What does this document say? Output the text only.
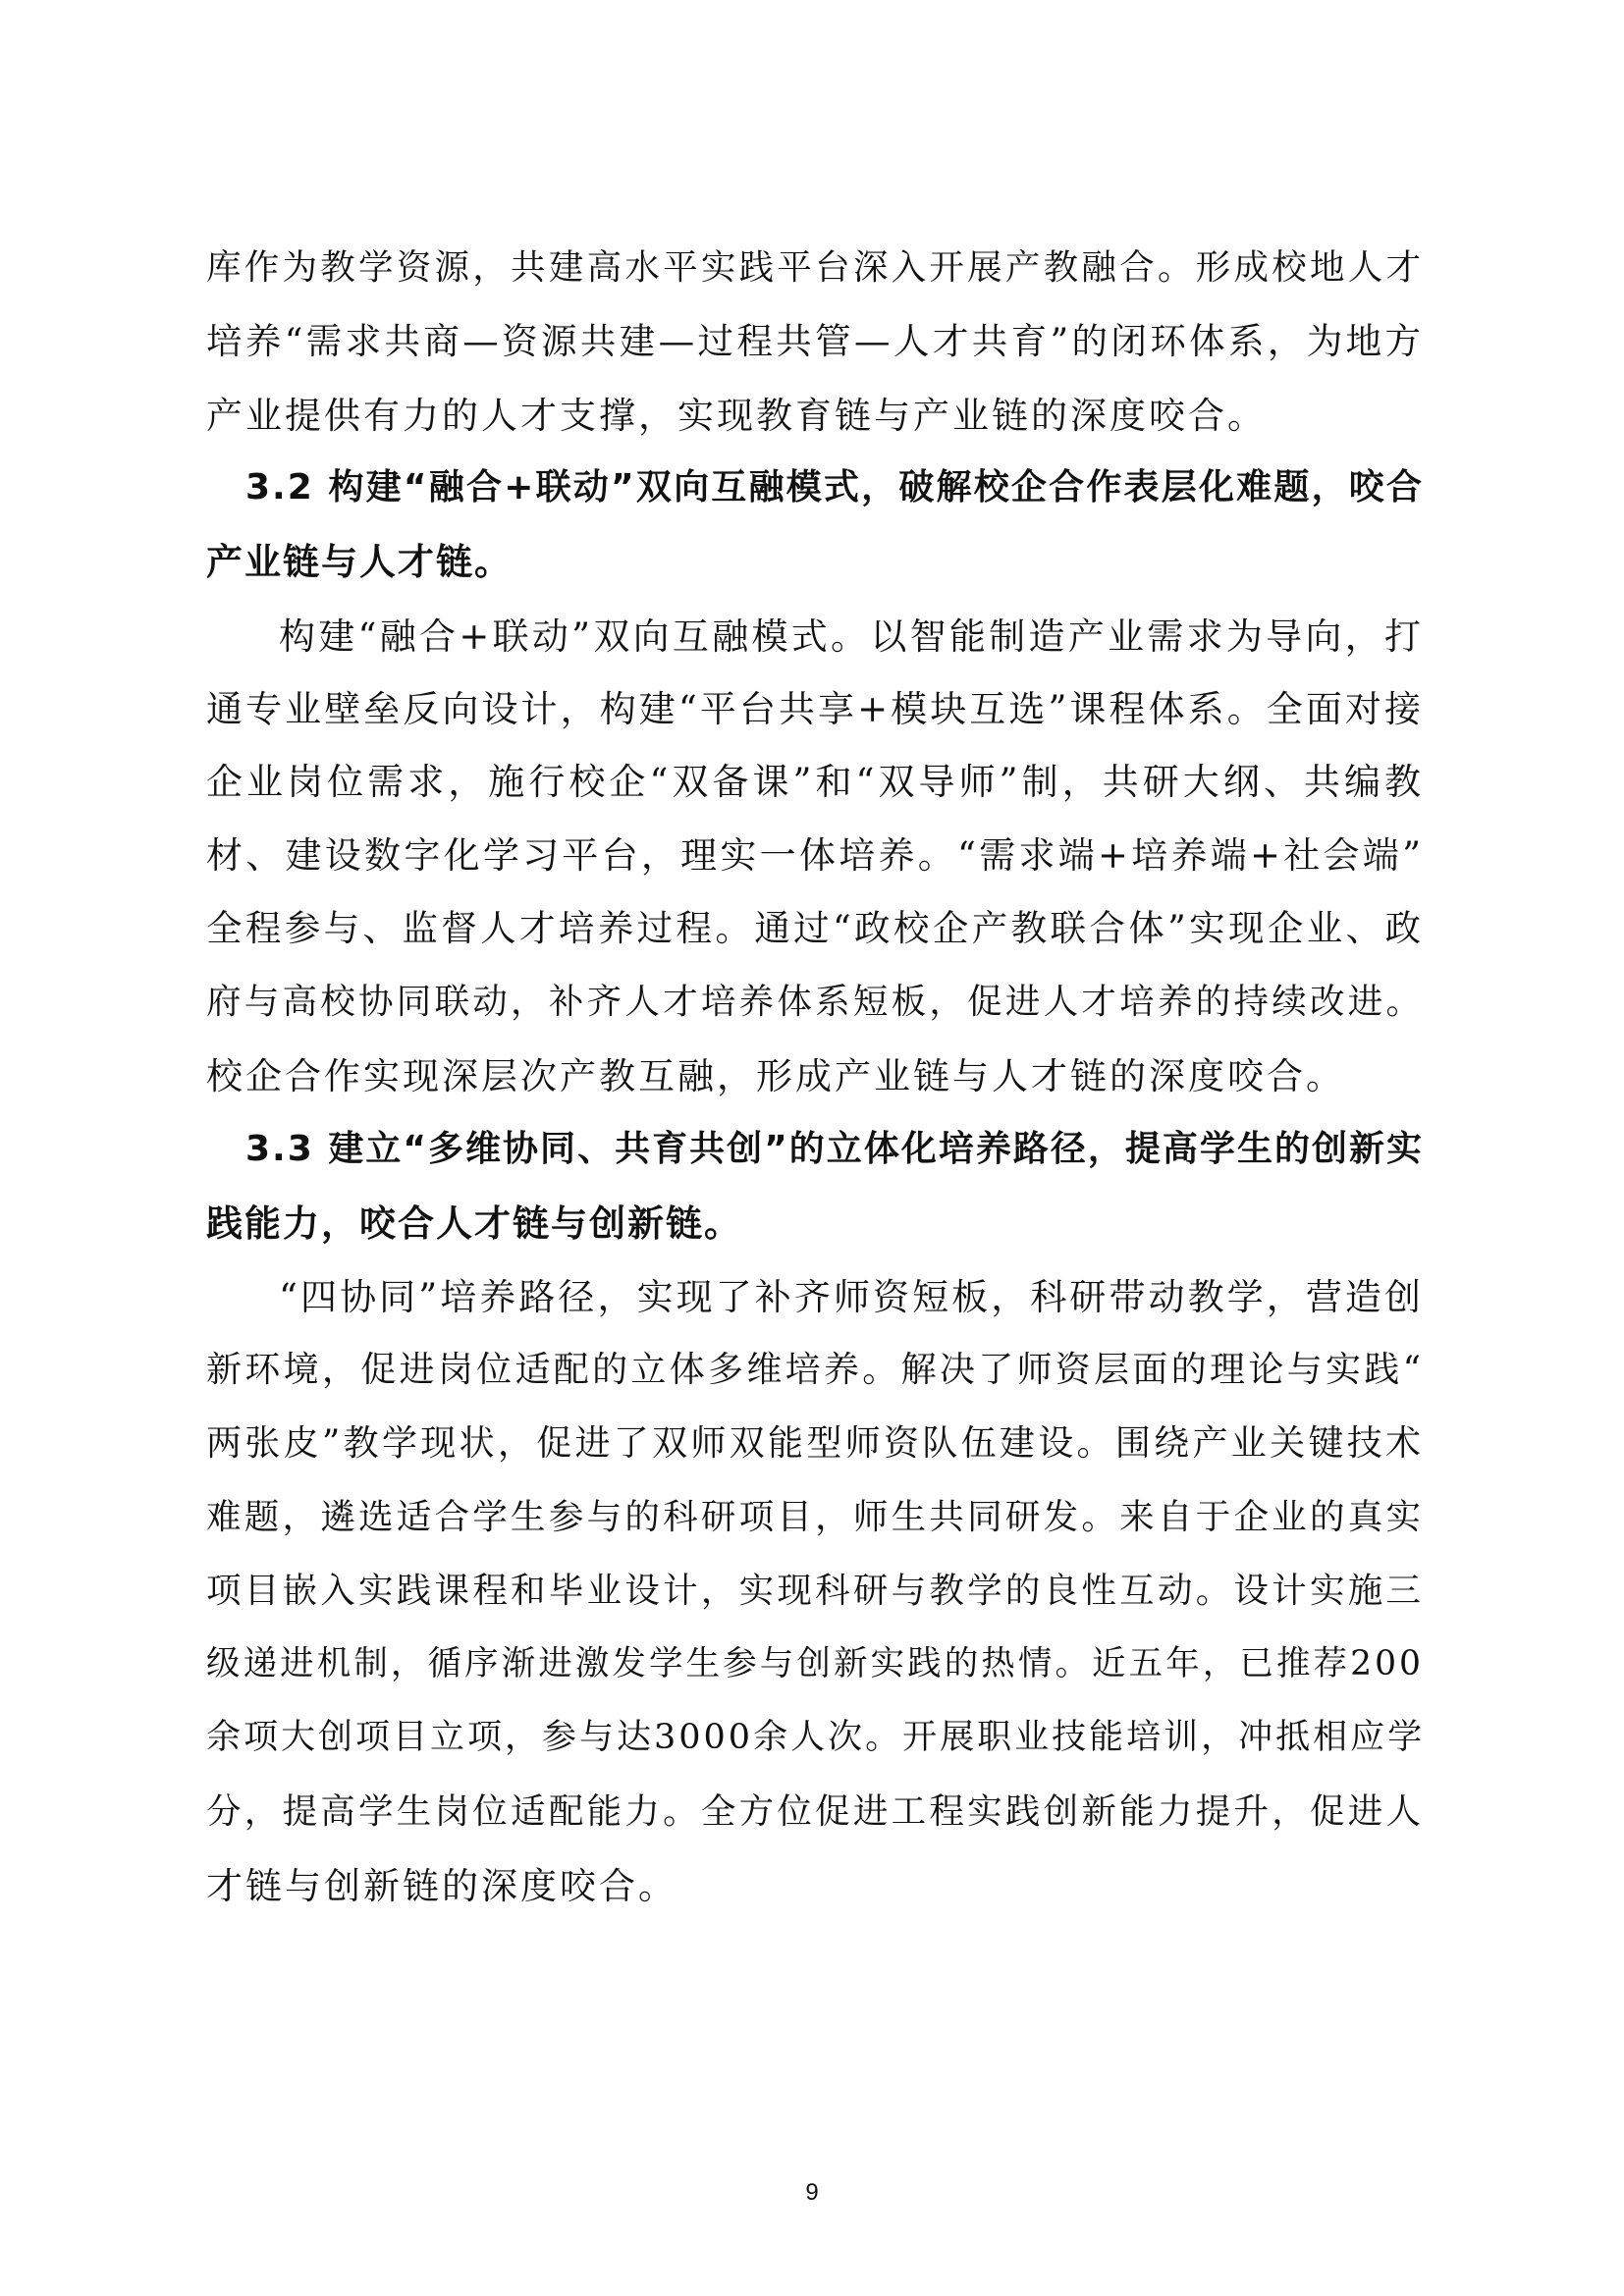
库作为教学资源，共建高水平实践平台深入开展产教融合。形成校地人才
培养“需求共商—资源共建—过程共管—人才共育”的闭环体系，为地方
产业提供有力的人才支撑，实现教育链与产业链的深度咬合。
3.2 构建“融合+联动”双向互融模式，破解校企合作表层化难题，咬合
产业链与人才链。
构建“融合+联动”双向互融模式。以智能制造产业需求为导向，打
通专业壁垒反向设计，构建“平台共享+模块互选”课程体系。全面对接
企业岗位需求，施行校企“双备课”和“双导师”制，共研大纲、共编教
材、建设数字化学习平台，理实一体培养。“需求端+培养端+社会端”
全程参与、监督人才培养过程。通过“政校企产教联合体”实现企业、政
府与高校协同联动，补齐人才培养体系短板，促进人才培养的持续改进。
校企合作实现深层次产教互融，形成产业链与人才链的深度咬合。
3.3 建立“多维协同、共育共创”的立体化培养路径，提高学生的创新实
践能力，咬合人才链与创新链。
“四协同”培养路径，实现了补齐师资短板，科研带动教学，营造创
新环境，促进岗位适配的立体多维培养。解决了师资层面的理论与实践“
两张皮”教学现状，促进了双师双能型师资队伍建设。围绕产业关键技术
难题，遴选适合学生参与的科研项目，师生共同研发。来自于企业的真实
项目嵌入实践课程和毕业设计，实现科研与教学的良性互动。设计实施三
级递进机制，循序渐进激发学生参与创新实践的热情。近五年，已推荐200
余项大创项目立项，参与达3000余人次。开展职业技能培训，冲抵相应学
分，提高学生岗位适配能力。全方位促进工程实践创新能力提升，促进人
才链与创新链的深度咬合。
9
